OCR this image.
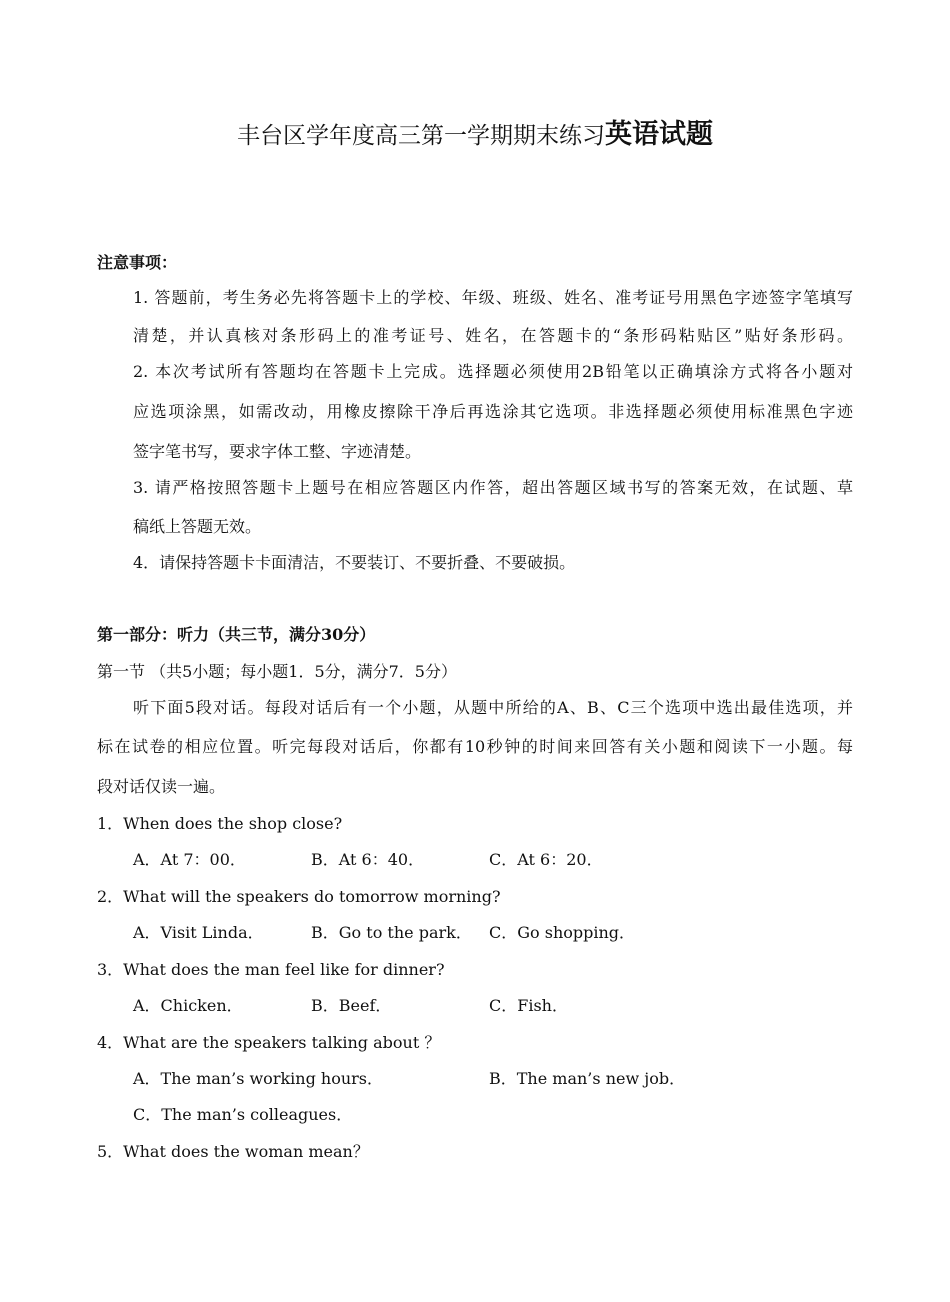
丰台区学年度高三第一学期期末练习英语试题
注意事项：
1. 答题前，考生务必先将答题卡上的学校、年级、班级、姓名、准考证号用黑色字迹签字笔填写
清楚，并认真核对条形码上的准考证号、姓名，在答题卡的“条形码粘贴区”贴好条形码。
2. 本次考试所有答题均在答题卡上完成。选择题必须使用2B铅笔以正确填涂方式将各小题对
应选项涂黑，如需改动，用橡皮擦除干净后再选涂其它选项。非选择题必须使用标准黑色字迹
签字笔书写，要求字体工整、字迹清楚。
3. 请严格按照答题卡上题号在相应答题区内作答，超出答题区域书写的答案无效，在试题、草
稿纸上答题无效。
4．请保持答题卡卡面清洁，不要装订、不要折叠、不要破损。
第一部分：听力（共三节，满分30分）
第一节 （共5小题；每小题1．5分，满分7．5分）
听下面5段对话。每段对话后有一个小题，从题中所给的A、B、C三个选项中选出最佳选项，并
标在试卷的相应位置。听完每段对话后，你都有10秒钟的时间来回答有关小题和阅读下一小题。每
段对话仅读一遍。
1．When does the shop close?
A．At 7：00．	B．At 6：40．	C．At 6：20．
2．What will the speakers do tomorrow morning?
A．Visit Linda．	B．Go to the park． C．Go shopping．
3．What does the man feel like for dinner?
A．Chicken．	B．Beef．	C．Fish．
4．What are the speakers talking about ？
A．The man’s working hours．	B．The man’s new job．
C．The man’s colleagues．
5．What does the woman mean？
